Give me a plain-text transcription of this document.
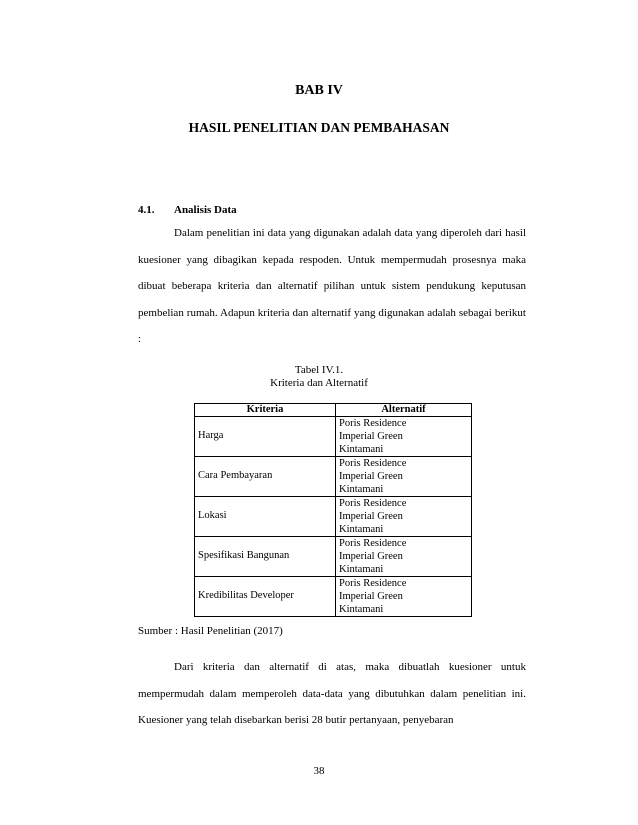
BAB IV
HASIL PENELITIAN DAN PEMBAHASAN
4.1. Analisis Data

Dalam penelitian ini data yang digunakan adalah data yang diperoleh dari hasil kuesioner yang dibagikan kepada respoden. Untuk mempermudah prosesnya maka dibuat beberapa kriteria dan alternatif pilihan untuk sistem pendukung keputusan pembelian rumah. Adapun kriteria dan alternatif yang digunakan adalah sebagai berikut :

Tabel IV.1.
Kriteria dan Alternatif
Kriteria	Alternatif
Harga	Poris Residence
Imperial Green
Kintamani

Cara Pembayaran	Poris Residence
Imperial Green
Kintamani

Lokasi	Poris Residence
Imperial Green
Kintamani

Spesifikasi Bangunan	Poris Residence
Imperial Green
Kintamani

Kredibilitas Developer	Poris Residence
Imperial Green
Kintamani
Sumber : Hasil Penelitian (2017)

Dari kriteria dan alternatif di atas, maka dibuatlah kuesioner untuk mempermudah dalam memperoleh data-data yang dibutuhkan dalam penelitian ini. Kuesioner yang telah disebarkan berisi 28 butir pertanyaan, penyebaran

38
